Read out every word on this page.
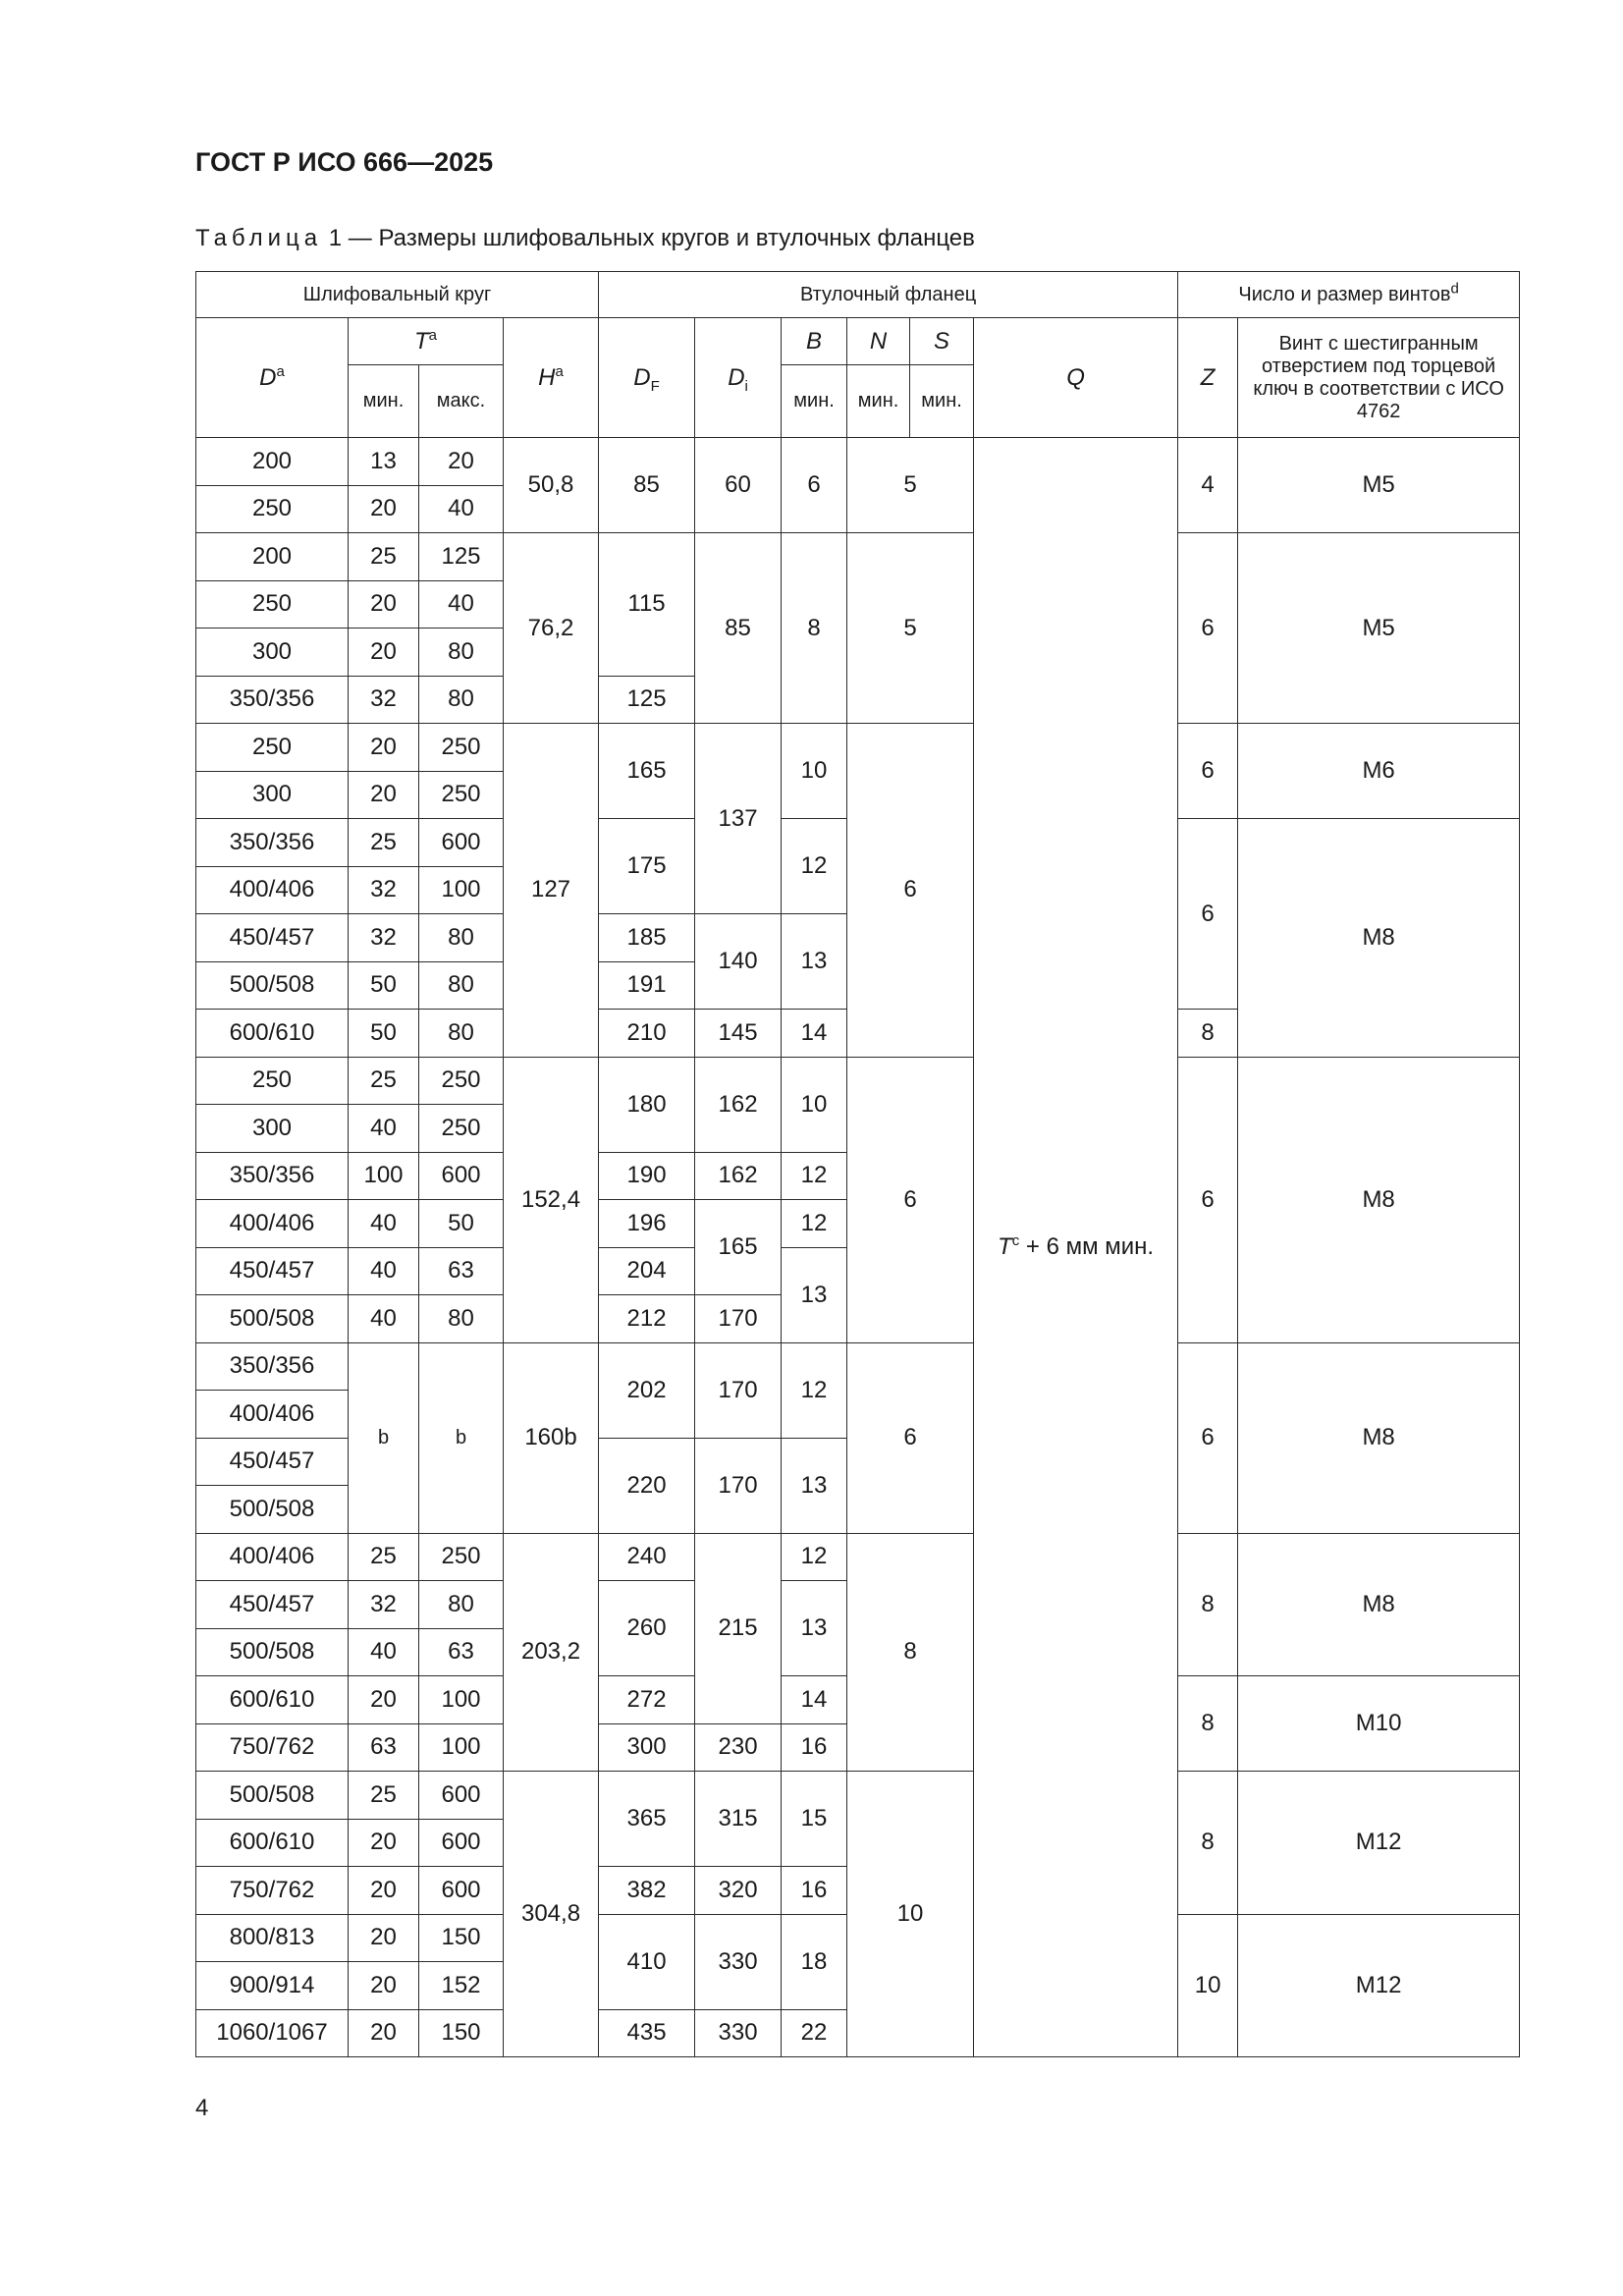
ГОСТ Р ИСО 666—2025
Таблица 1 — Размеры шлифовальных кругов и втулочных фланцев
Шлифовальный круг				Втулочный фланец						Число и размер винтов$^d$
$D^a$	$T^a$		$H^a$	$D_F$	$D_i$	B	N	S	Q	Z	Винт с шестигранным отверстием под торцевой ключ в соответствии с ИСО 4762
	мин.	макс.				мин.	мин.	мин.			

200	13	20	50,8	85	60	6	5		$T^c + 6$ мм мин.	4	M5
250	20	40									
200	25	125	76,2	115	85	8	5			6	M5
250	20	40									
300	20	80									
350/356	32	80		125							
250	20	250	127	165	137	10	6			6	M6
300	20	250									
350/356	25	600		175		12				6	M8
400/406	32	100									
450/457	32	80		185	140	13					
500/508	50	80		191							
600/610	50	80		210	145	14				8	
250	25	250	152,4	180	162	10	6			6	M8
300	40	250									
350/356	100	600		190	162	12					
400/406	40	50		196	165	12					
450/457	40	63		204		13					
500/508	40	80		212	170						
350/356	b	b	160b	202	170	12	6			6	M8
400/406											
450/457				220	170	13					
500/508											
400/406	25	250	203,2	240	215	12	8			8	M8
450/457	32	80		260		13					
500/508	40	63									
600/610	20	100		272		14				8	M10
750/762	63	100		300	230	16					
500/508	25	600	304,8	365	315	15	10			8	M12
600/610	20	600									
750/762	20	600		382	320	16					
800/813	20	150		410	330	18				10	M12
900/914	20	152									
1060/1067	20	150		435	330	22					
4
